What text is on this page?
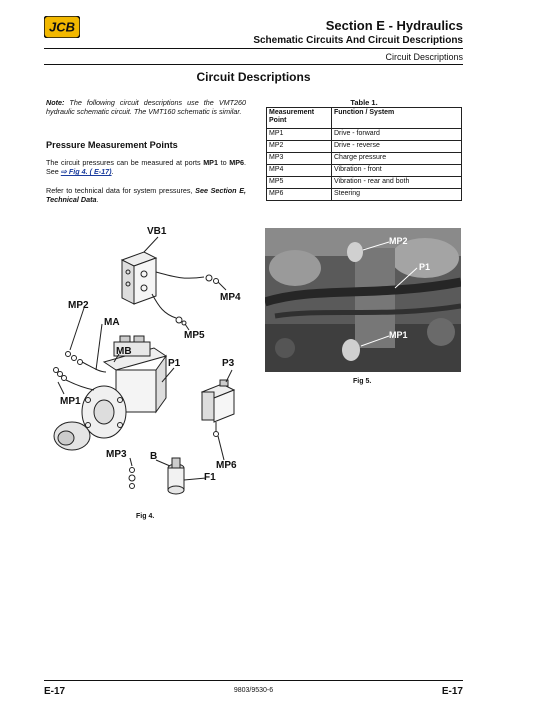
JCB	Section E - Hydraulics
Schematic Circuits And Circuit Descriptions
Circuit Descriptions
Circuit Descriptions
Note: The following circuit descriptions use the VMT260 hydraulic schematic circuit. The VMT160 schematic is similar.
Pressure Measurement Points
The circuit pressures can be measured at ports MP1 to MP6. See ⇨ Fig 4. ( E-17).
Refer to technical data for system pressures, See Section E, Technical Data.
Table 1.
Measurement Point	Function / System
MP1	Drive - forward
MP2	Drive - reverse
MP3	Charge pressure
MP4	Vibration - front
MP5	Vibration - rear and both
MP6	Steering
VB1
MP4
MP2
MA
MP5
MB
P1	P3
MP1
MP3 B
MP6
F1
Fig 4.
MP2
P1
MP1
Fig 5.
E-17	9803/9530-6	E-17
